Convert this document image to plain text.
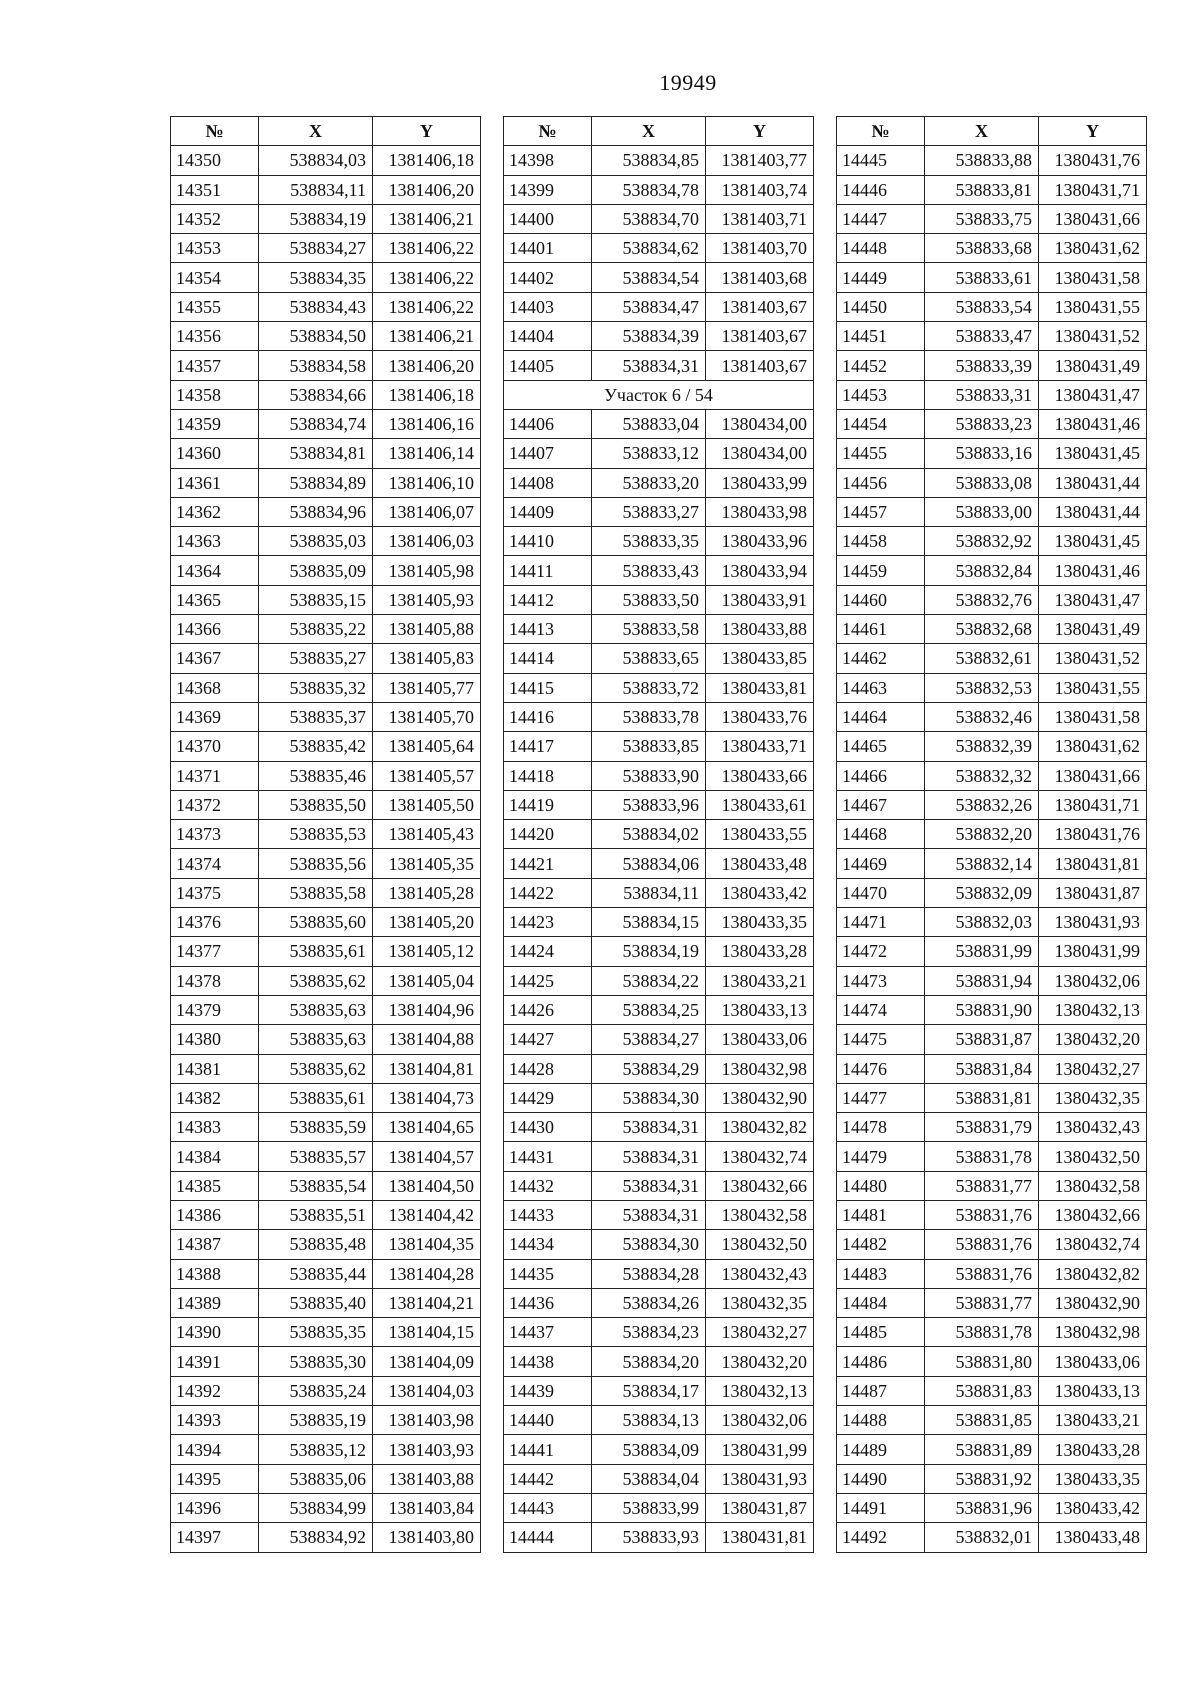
19949
№	X	Y
14350	538834,03	1381406,18
14351	538834,11	1381406,20
14352	538834,19	1381406,21
14353	538834,27	1381406,22
14354	538834,35	1381406,22
14355	538834,43	1381406,22
14356	538834,50	1381406,21
14357	538834,58	1381406,20
14358	538834,66	1381406,18
14359	538834,74	1381406,16
14360	538834,81	1381406,14
14361	538834,89	1381406,10
14362	538834,96	1381406,07
14363	538835,03	1381406,03
14364	538835,09	1381405,98
14365	538835,15	1381405,93
14366	538835,22	1381405,88
14367	538835,27	1381405,83
14368	538835,32	1381405,77
14369	538835,37	1381405,70
14370	538835,42	1381405,64
14371	538835,46	1381405,57
14372	538835,50	1381405,50
14373	538835,53	1381405,43
14374	538835,56	1381405,35
14375	538835,58	1381405,28
14376	538835,60	1381405,20
14377	538835,61	1381405,12
14378	538835,62	1381405,04
14379	538835,63	1381404,96
14380	538835,63	1381404,88
14381	538835,62	1381404,81
14382	538835,61	1381404,73
14383	538835,59	1381404,65
14384	538835,57	1381404,57
14385	538835,54	1381404,50
14386	538835,51	1381404,42
14387	538835,48	1381404,35
14388	538835,44	1381404,28
14389	538835,40	1381404,21
14390	538835,35	1381404,15
14391	538835,30	1381404,09
14392	538835,24	1381404,03
14393	538835,19	1381403,98
14394	538835,12	1381403,93
14395	538835,06	1381403,88
14396	538834,99	1381403,84
14397	538834,92	1381403,80
№	X	Y
14398	538834,85	1381403,77
14399	538834,78	1381403,74
14400	538834,70	1381403,71
14401	538834,62	1381403,70
14402	538834,54	1381403,68
14403	538834,47	1381403,67
14404	538834,39	1381403,67
14405	538834,31	1381403,67
Участок 6 / 54		
14406	538833,04	1380434,00
14407	538833,12	1380434,00
14408	538833,20	1380433,99
14409	538833,27	1380433,98
14410	538833,35	1380433,96
14411	538833,43	1380433,94
14412	538833,50	1380433,91
14413	538833,58	1380433,88
14414	538833,65	1380433,85
14415	538833,72	1380433,81
14416	538833,78	1380433,76
14417	538833,85	1380433,71
14418	538833,90	1380433,66
14419	538833,96	1380433,61
14420	538834,02	1380433,55
14421	538834,06	1380433,48
14422	538834,11	1380433,42
14423	538834,15	1380433,35
14424	538834,19	1380433,28
14425	538834,22	1380433,21
14426	538834,25	1380433,13
14427	538834,27	1380433,06
14428	538834,29	1380432,98
14429	538834,30	1380432,90
14430	538834,31	1380432,82
14431	538834,31	1380432,74
14432	538834,31	1380432,66
14433	538834,31	1380432,58
14434	538834,30	1380432,50
14435	538834,28	1380432,43
14436	538834,26	1380432,35
14437	538834,23	1380432,27
14438	538834,20	1380432,20
14439	538834,17	1380432,13
14440	538834,13	1380432,06
14441	538834,09	1380431,99
14442	538834,04	1380431,93
14443	538833,99	1380431,87
14444	538833,93	1380431,81
№	X	Y
14445	538833,88	1380431,76
14446	538833,81	1380431,71
14447	538833,75	1380431,66
14448	538833,68	1380431,62
14449	538833,61	1380431,58
14450	538833,54	1380431,55
14451	538833,47	1380431,52
14452	538833,39	1380431,49
14453	538833,31	1380431,47
14454	538833,23	1380431,46
14455	538833,16	1380431,45
14456	538833,08	1380431,44
14457	538833,00	1380431,44
14458	538832,92	1380431,45
14459	538832,84	1380431,46
14460	538832,76	1380431,47
14461	538832,68	1380431,49
14462	538832,61	1380431,52
14463	538832,53	1380431,55
14464	538832,46	1380431,58
14465	538832,39	1380431,62
14466	538832,32	1380431,66
14467	538832,26	1380431,71
14468	538832,20	1380431,76
14469	538832,14	1380431,81
14470	538832,09	1380431,87
14471	538832,03	1380431,93
14472	538831,99	1380431,99
14473	538831,94	1380432,06
14474	538831,90	1380432,13
14475	538831,87	1380432,20
14476	538831,84	1380432,27
14477	538831,81	1380432,35
14478	538831,79	1380432,43
14479	538831,78	1380432,50
14480	538831,77	1380432,58
14481	538831,76	1380432,66
14482	538831,76	1380432,74
14483	538831,76	1380432,82
14484	538831,77	1380432,90
14485	538831,78	1380432,98
14486	538831,80	1380433,06
14487	538831,83	1380433,13
14488	538831,85	1380433,21
14489	538831,89	1380433,28
14490	538831,92	1380433,35
14491	538831,96	1380433,42
14492	538832,01	1380433,48
